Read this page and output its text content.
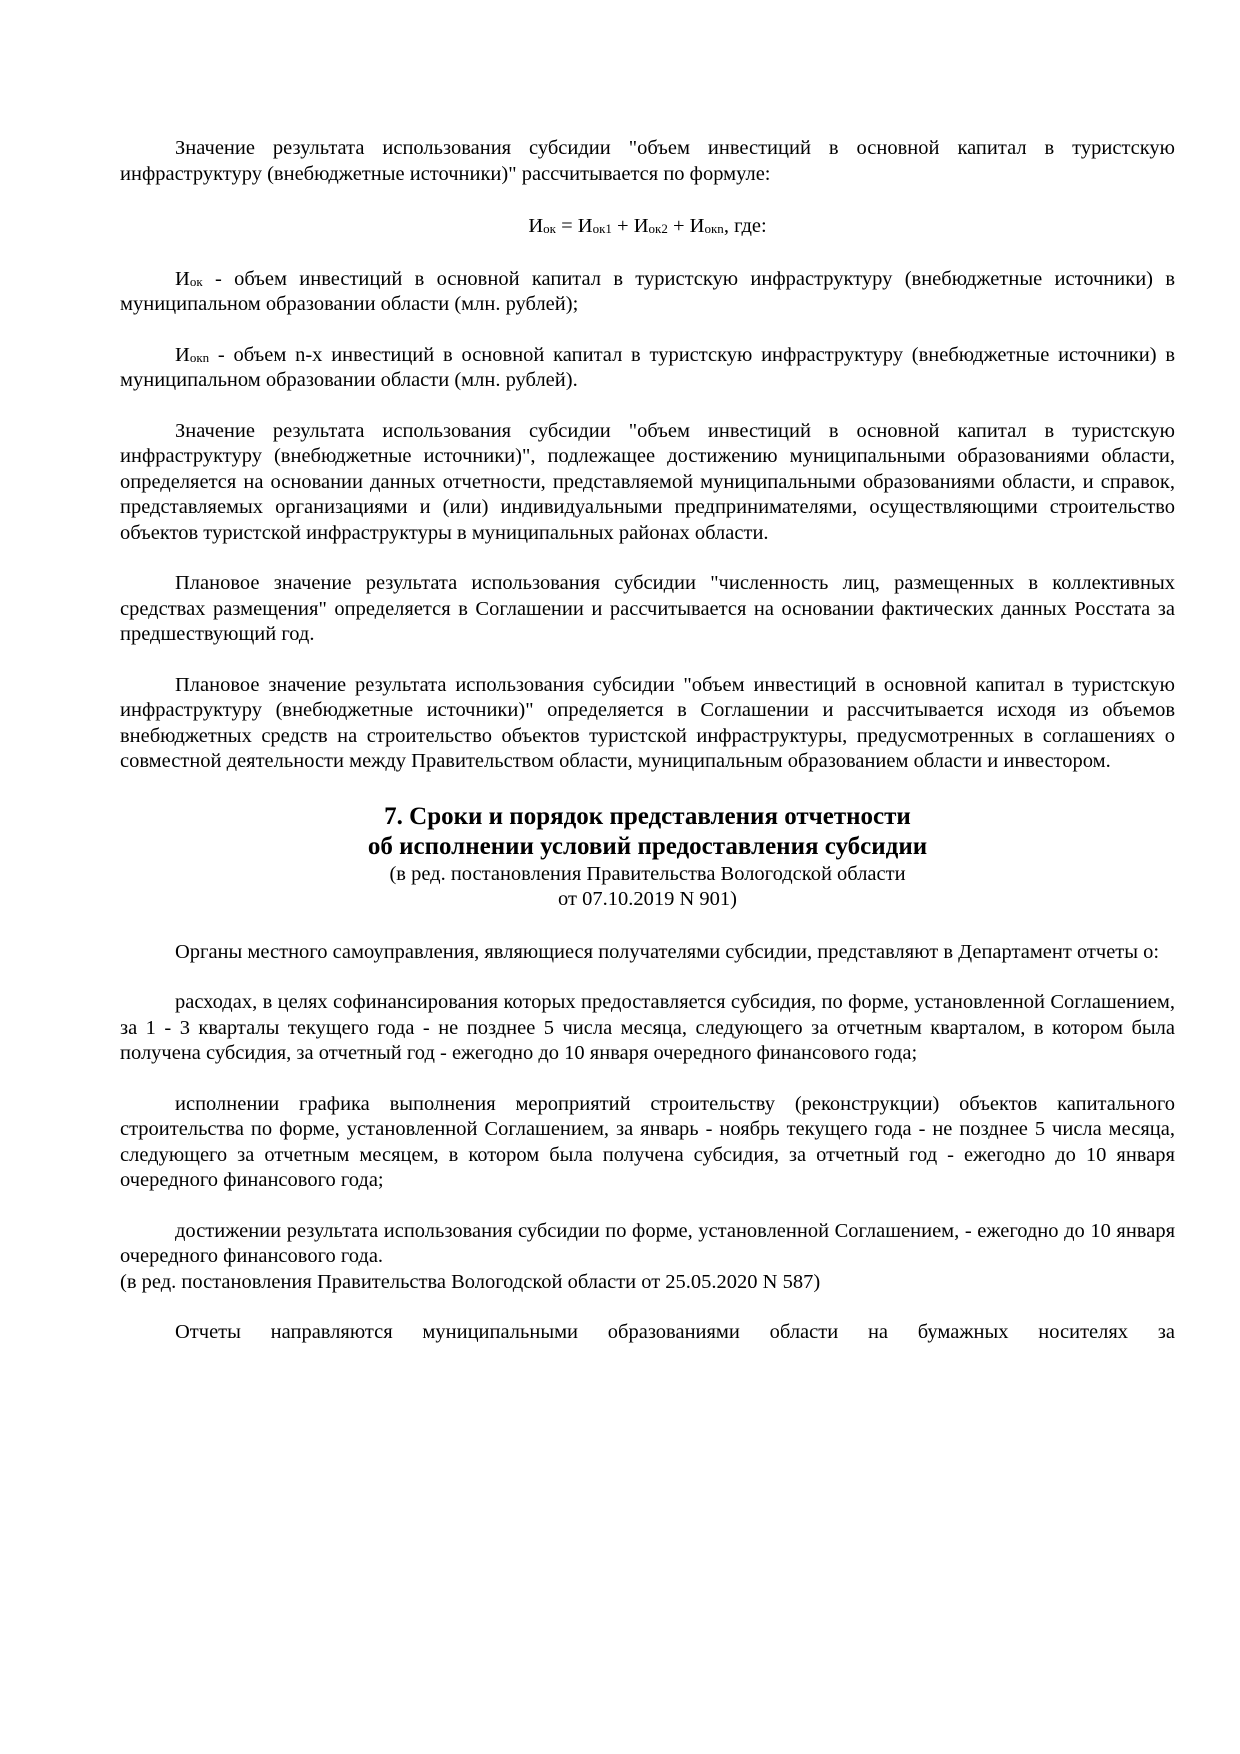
Значение результата использования субсидии "объем инвестиций в основной капитал в туристскую инфраструктуру (внебюджетные источники)" рассчитывается по формуле:

$И_{ок} = И_{ок1} + И_{ок2} + И_{окn}$, где:

$И_{ок}$ - объем инвестиций в основной капитал в туристскую инфраструктуру (внебюджетные источники) в муниципальном образовании области (млн. рублей);

$И_{окn}$ - объем n-х инвестиций в основной капитал в туристскую инфраструктуру (внебюджетные источники) в муниципальном образовании области (млн. рублей).

Значение результата использования субсидии "объем инвестиций в основной капитал в туристскую инфраструктуру (внебюджетные источники)", подлежащее достижению муниципальными образованиями области, определяется на основании данных отчетности, представляемой муниципальными образованиями области, и справок, представляемых организациями и (или) индивидуальными предпринимателями, осуществляющими строительство объектов туристской инфраструктуры в муниципальных районах области.

Плановое значение результата использования субсидии "численность лиц, размещенных в коллективных средствах размещения" определяется в Соглашении и рассчитывается на основании фактических данных Росстата за предшествующий год.

Плановое значение результата использования субсидии "объем инвестиций в основной капитал в туристскую инфраструктуру (внебюджетные источники)" определяется в Соглашении и рассчитывается исходя из объемов внебюджетных средств на строительство объектов туристской инфраструктуры, предусмотренных в соглашениях о совместной деятельности между Правительством области, муниципальным образованием области и инвестором.

7. Сроки и порядок представления отчетности
об исполнении условий предоставления субсидии
(в ред. постановления Правительства Вологодской области
от 07.10.2019 N 901)

Органы местного самоуправления, являющиеся получателями субсидии, представляют в Департамент отчеты о:

расходах, в целях софинансирования которых предоставляется субсидия, по форме, установленной Соглашением, за 1 - 3 кварталы текущего года - не позднее 5 числа месяца, следующего за отчетным кварталом, в котором была получена субсидия, за отчетный год - ежегодно до 10 января очередного финансового года;

исполнении графика выполнения мероприятий строительству (реконструкции) объектов капитального строительства по форме, установленной Соглашением, за январь - ноябрь текущего года - не позднее 5 числа месяца, следующего за отчетным месяцем, в котором была получена субсидия, за отчетный год - ежегодно до 10 января очередного финансового года;

достижении результата использования субсидии по форме, установленной Соглашением, - ежегодно до 10 января очередного финансового года.

(в ред. постановления Правительства Вологодской области от 25.05.2020 N 587)

Отчеты направляются муниципальными образованиями области на бумажных носителях за
